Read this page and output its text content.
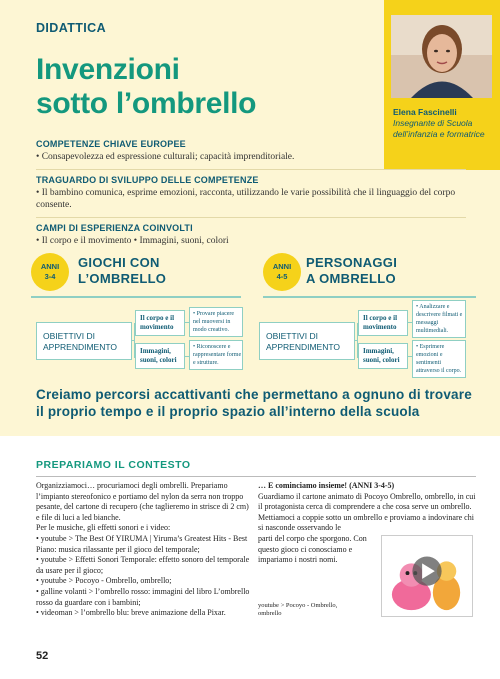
DIDATTICA
Invenzioni
sotto l’ombrello	Elena Fascinelli
Insegnante di Scuola dell’infanzia e formatrice
COMPETENZE CHIAVE EUROPEE
• Consapevolezza ed espressione culturali; capacità imprenditoriale.
TRAGUARDO DI SVILUPPO DELLE COMPETENZE
• Il bambino comunica, esprime emozioni, racconta, utilizzando le varie possibilità che il linguaggio del corpo consente.
CAMPI DI ESPERIENZA COINVOLTI
• Il corpo e il movimento • Immagini, suoni, colori
ANNI
3-4
GIOCHI CON
L’OMBRELLO
OBIETTIVI DI
APPRENDIMENTO
Il corpo e il movimento
Immagini, suoni, colori
• Provare piacere nel muoversi in modo creativo.
• Riconoscere e rappresentare forme e strutture.
ANNI
4-5
PERSONAGGI
A OMBRELLO
OBIETTIVI DI
APPRENDIMENTO
Il corpo e il movimento
Immagini, suoni, colori
• Analizzare e descrivere filmati e messaggi multimediali.
• Esprimere emozioni e sentimenti attraverso il corpo.
Creiamo percorsi accattivanti che permettano a ognuno di trovare il proprio tempo e il proprio spazio all’interno della scuola
PREPARIAMO IL CONTESTO

Organizziamoci… procuriamoci degli ombrelli. Prepariamo l’impianto stereofonico e portiamo del nylon da serra non troppo pesante, del cartone di recupero (che taglieremo in strisce di 2 cm) e file di luci a led bianche.

Per le musiche, gli effetti sonori e i video:

• youtube > The Best Of YIRUMA | Yiruma’s Greatest Hits - Best Piano: musica rilassante per il gioco del temporale;

• youtube > Effetti Sonori Temporale: effetto sonoro del temporale da usare per il gioco;

• youtube > Pocoyo - Ombrello, ombrello;

• galline volanti > l’ombrello rosso: immagini del libro L’ombrello rosso da guardare con i bambini;

• videoman > l’ombrello blu: breve animazione della Pixar.

… E cominciamo insieme! (ANNI 3-4-5)

Guardiamo il cartone animato di Pocoyo Ombrello, ombrello, in cui il protagonista cerca di comprendere a che cosa serve un ombrello. Mettiamoci a coppie sotto un ombrello e proviamo a indovinare chi si nasconde osservando le

parti del corpo che sporgono. Con questo gioco ci conosciamo e impariamo i nostri nomi.

youtube > Pocoyo - Ombrello, ombrello
52
